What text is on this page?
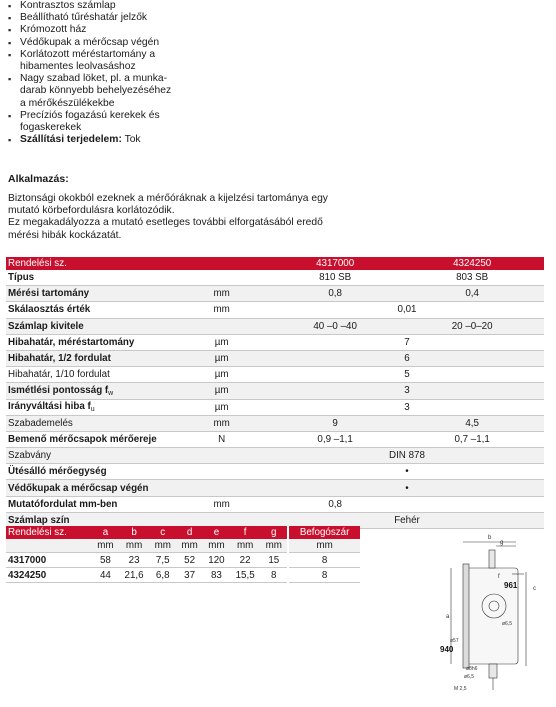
▪ Kontrasztos számlap
▪ Beállítható tűréshatár jelzők
▪ Krómozott ház
▪ Védőkupak a mérőcsap végén
▪ Korlátozott méréstartomány a
hibamentes leolvasáshoz
▪ Nagy szabad löket, pl. a munka-
darab könnyebb behelyezéséhez
a mérőkészülékekbe
▪ Precíziós fogazású kerekek és
fogaskerekek
▪ Szállítási terjedelem: Tok
Alkalmazás:

Biztonsági okokból ezeknek a mérőóráknak a kijelzési tartománya egy

mutató körbefordulásra korlátozódik.

Ez megakadályozza a mutató esetleges további elforgatásából eredő

mérési hibák kockázatát.

Rendelési sz.		4317000	4324250
Típus		810 SB	803 SB
Mérési tartomány	mm	0,8	0,4
Skálaosztás érték	mm	0,01	
Számlap kivitele		40 –0 –40	20 –0–20
Hibahatár, méréstartomány	µm	7	
Hibahatár, 1/2 fordulat	µm	6	
Hibahatár, 1/10 fordulat	µm	5	
Ismétlési pontosság $f_w$	µm	3	
Irányváltási hiba $f_u$	µm	3	
Szabademelés	mm	9	4,5
Bemenő mérőcsapok mérőereje	N	0,9 –1,1	0,7 –1,1
Szabvány		DIN 878	
Ütésálló mérőegység		•	
Védőkupak a mérőcsap végén		•	
Mutatófordulat mm-ben	mm	0,8	
Számlap szín		Fehér	
Rendelési sz.	a	b	c	d	e	f	g		Befogószár
	mm	mm	mm	mm	mm	mm	mm		mm
4317000	58	23	7,5	52	120	22	15		8
4324250	44	21,6	6,8	37	83	15,5	8		8
b
g
f
c
961
a
ø6,5
ø57
940
ø8h6
ø6,5
M 2,5
